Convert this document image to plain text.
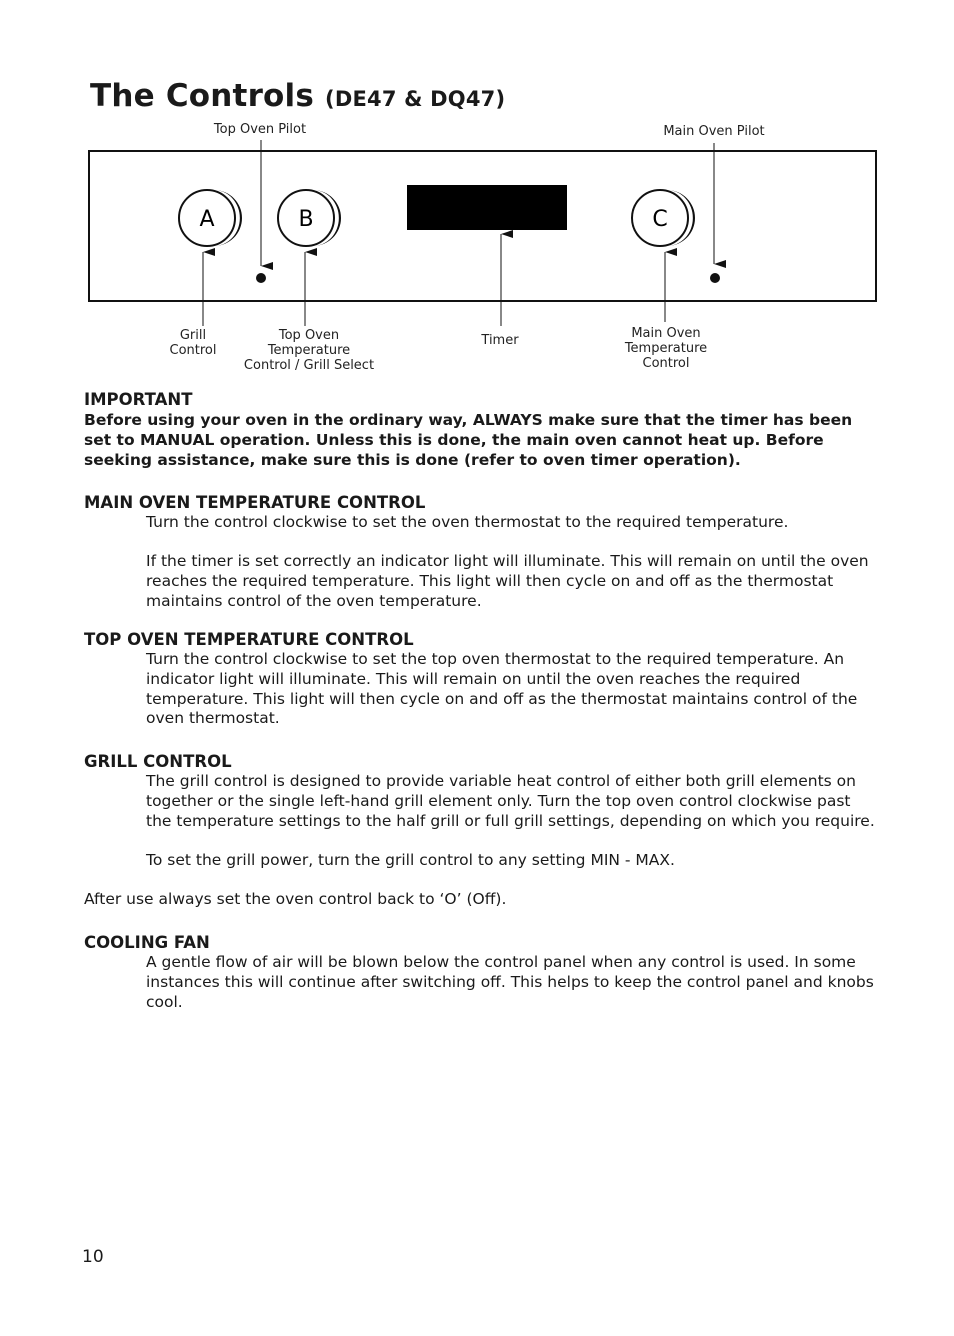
The Controls (DE47 & DQ47)
A	B	C
Top Oven Pilot	Main Oven Pilot
Grill
Control
Top Oven
Temperature
Control / Grill Select
Timer	Main Oven
Temperature
Control
IMPORTANT

Before using your oven in the ordinary way, ALWAYS make sure that the timer has been set to MANUAL operation. Unless this is done, the main oven cannot heat up. Before seeking assistance, make sure this is done (refer to oven timer operation).

MAIN OVEN TEMPERATURE CONTROL

Turn the control clockwise to set the oven thermostat to the required temperature.

If the timer is set correctly an indicator light will illuminate. This will remain on until the oven reaches the required temperature. This light will then cycle on and off as the thermostat maintains control of the oven temperature.

TOP OVEN TEMPERATURE CONTROL

Turn the control clockwise to set the top oven thermostat to the required temperature. An indicator light will illuminate. This will remain on until the oven reaches the required temperature. This light will then cycle on and off as the thermostat maintains control of the oven thermostat.

GRILL CONTROL

The grill control is designed to provide variable heat control of either both grill elements on together or the single left-hand grill element only. Turn the top oven control clockwise past the temperature settings to the half grill or full grill settings, depending on which you require.

To set the grill power, turn the grill control to any setting MIN - MAX.

After use always set the oven control back to ‘O’ (Off).

COOLING FAN

A gentle flow of air will be blown below the control panel when any control is used. In some instances this will continue after switching off. This helps to keep the control panel and knobs cool.

10
